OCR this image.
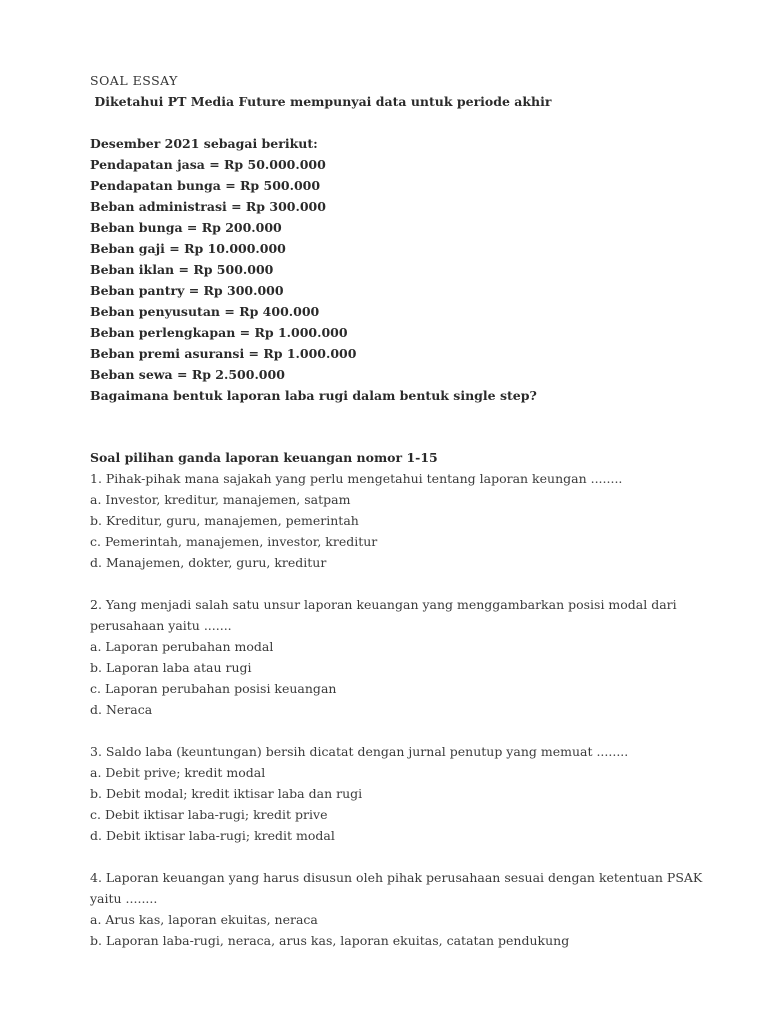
SOAL ESSAY
Diketahui PT Media Future mempunyai data untuk periode akhir
Desember 2021 sebagai berikut:
Pendapatan jasa = Rp 50.000.000
Pendapatan bunga = Rp 500.000
Beban administrasi = Rp 300.000
Beban bunga = Rp 200.000
Beban gaji = Rp 10.000.000
Beban iklan = Rp 500.000
Beban pantry = Rp 300.000
Beban penyusutan = Rp 400.000
Beban perlengkapan = Rp 1.000.000
Beban premi asuransi = Rp 1.000.000
Beban sewa = Rp 2.500.000
Bagaimana bentuk laporan laba rugi dalam bentuk single step?
Soal pilihan ganda laporan keuangan nomor 1-15
1. Pihak-pihak mana sajakah yang perlu mengetahui tentang laporan keungan ........
a. Investor, kreditur, manajemen, satpam
b. Kreditur, guru, manajemen, pemerintah
c. Pemerintah, manajemen, investor, kreditur
d. Manajemen, dokter, guru, kreditur
2. Yang menjadi salah satu unsur laporan keuangan yang menggambarkan posisi modal dari
perusahaan yaitu .......
a. Laporan perubahan modal
b. Laporan laba atau rugi
c. Laporan perubahan posisi keuangan
d. Neraca
3. Saldo laba (keuntungan) bersih dicatat dengan jurnal penutup yang memuat ........
a. Debit prive; kredit modal
b. Debit modal; kredit iktisar laba dan rugi
c. Debit iktisar laba-rugi; kredit prive
d. Debit iktisar laba-rugi; kredit modal
4. Laporan keuangan yang harus disusun oleh pihak perusahaan sesuai dengan ketentuan PSAK
yaitu ........
a. Arus kas, laporan ekuitas, neraca
b. Laporan laba-rugi, neraca, arus kas, laporan ekuitas, catatan pendukung
